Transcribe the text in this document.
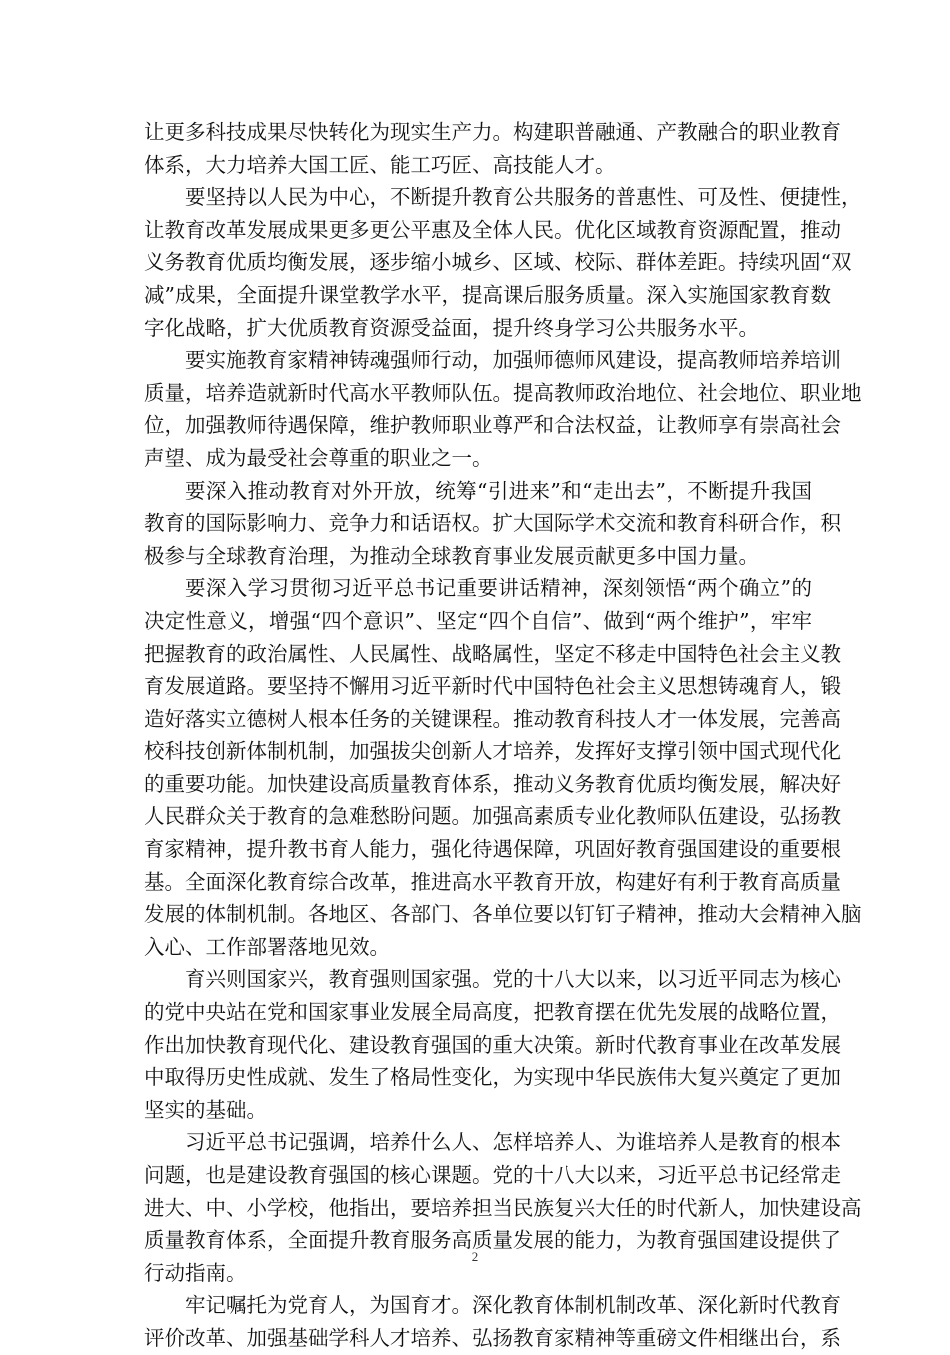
让更多科技成果尽快转化为现实生产力。构建职普融通、产教融合的职业教育
体系，大力培养大国工匠、能工巧匠、高技能人才。
要坚持以人民为中心，不断提升教育公共服务的普惠性、可及性、便捷性，
让教育改革发展成果更多更公平惠及全体人民。优化区域教育资源配置，推动
义务教育优质均衡发展，逐步缩小城乡、区域、校际、群体差距。持续巩固“双
减”成果，全面提升课堂教学水平，提高课后服务质量。深入实施国家教育数
字化战略，扩大优质教育资源受益面，提升终身学习公共服务水平。
要实施教育家精神铸魂强师行动，加强师德师风建设，提高教师培养培训
质量，培养造就新时代高水平教师队伍。提高教师政治地位、社会地位、职业地
位，加强教师待遇保障，维护教师职业尊严和合法权益，让教师享有崇高社会
声望、成为最受社会尊重的职业之一。
要深入推动教育对外开放，统筹“引进来”和“走出去”，不断提升我国
教育的国际影响力、竞争力和话语权。扩大国际学术交流和教育科研合作，积
极参与全球教育治理，为推动全球教育事业发展贡献更多中国力量。
要深入学习贯彻习近平总书记重要讲话精神，深刻领悟“两个确立”的
决定性意义，增强“四个意识”、坚定“四个自信”、做到“两个维护”，牢牢
把握教育的政治属性、人民属性、战略属性，坚定不移走中国特色社会主义教
育发展道路。要坚持不懈用习近平新时代中国特色社会主义思想铸魂育人，锻
造好落实立德树人根本任务的关键课程。推动教育科技人才一体发展，完善高
校科技创新体制机制，加强拔尖创新人才培养，发挥好支撑引领中国式现代化
的重要功能。加快建设高质量教育体系，推动义务教育优质均衡发展，解决好
人民群众关于教育的急难愁盼问题。加强高素质专业化教师队伍建设，弘扬教
育家精神，提升教书育人能力，强化待遇保障，巩固好教育强国建设的重要根
基。全面深化教育综合改革，推进高水平教育开放，构建好有利于教育高质量
发展的体制机制。各地区、各部门、各单位要以钉钉子精神，推动大会精神入脑
入心、工作部署落地见效。
育兴则国家兴，教育强则国家强。党的十八大以来，以习近平同志为核心
的党中央站在党和国家事业发展全局高度，把教育摆在优先发展的战略位置，
作出加快教育现代化、建设教育强国的重大决策。新时代教育事业在改革发展
中取得历史性成就、发生了格局性变化，为实现中华民族伟大复兴奠定了更加
坚实的基础。
习近平总书记强调，培养什么人、怎样培养人、为谁培养人是教育的根本
问题，也是建设教育强国的核心课题。党的十八大以来，习近平总书记经常走
进大、中、小学校，他指出，要培养担当民族复兴大任的时代新人，加快建设高
质量教育体系，全面提升教育服务高质量发展的能力，为教育强国建设提供了
行动指南。
牢记嘱托为党育人，为国育才。深化教育体制机制改革、深化新时代教育
评价改革、加强基础学科人才培养、弘扬教育家精神等重磅文件相继出台，系
2
